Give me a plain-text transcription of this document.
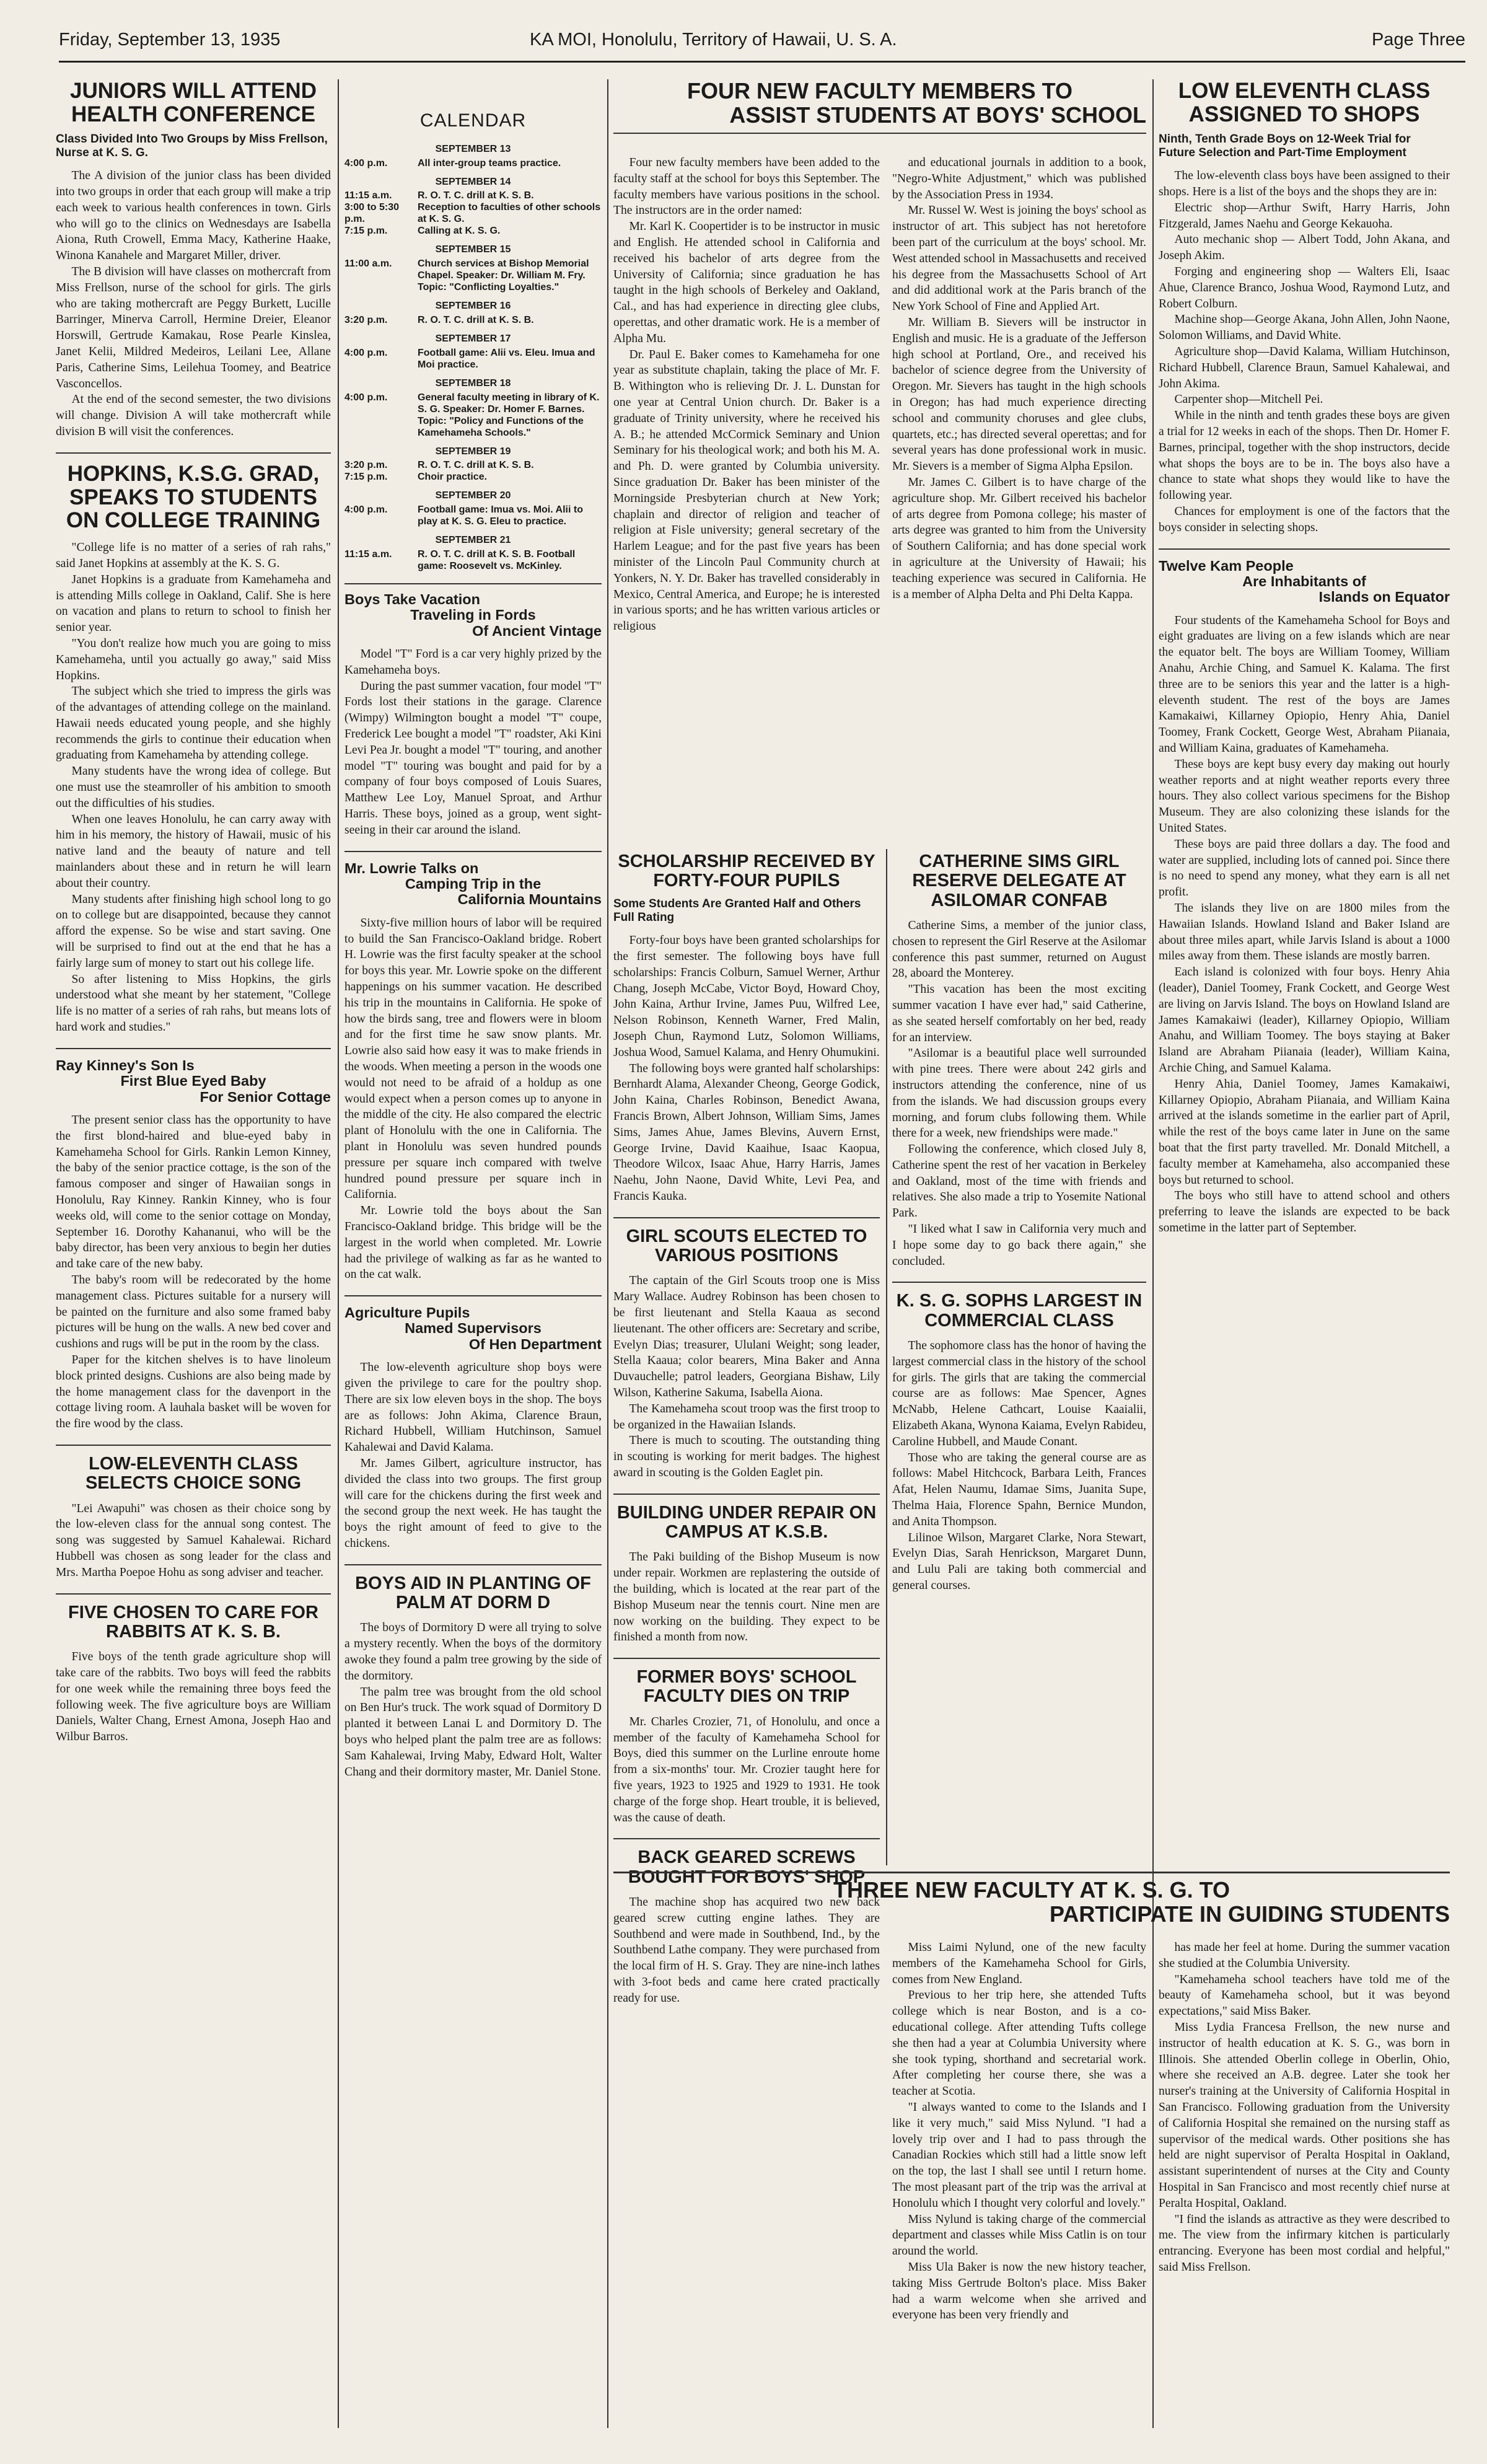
Friday, September 13, 1935	KA MOI, Honolulu, Territory of Hawaii, U. S. A.	Page Three
JUNIORS WILL ATTEND HEALTH CONFERENCE
Class Divided Into Two Groups by Miss Frellson, Nurse at K. S. G.

The A division of the junior class has been divided into two groups in order that each group will make a trip each week to various health conferences in town. Girls who will go to the clinics on Wednesdays are Isabella Aiona, Ruth Crowell, Emma Macy, Katherine Haake, Winona Kanahele and Margaret Miller, driver.

The B division will have classes on mothercraft from Miss Frellson, nurse of the school for girls. The girls who are taking mothercraft are Peggy Burkett, Lucille Barringer, Minerva Carroll, Hermine Dreier, Eleanor Horswill, Gertrude Kamakau, Rose Pearle Kinslea, Janet Kelii, Mildred Medeiros, Leilani Lee, Allane Paris, Catherine Sims, Leilehua Toomey, and Beatrice Vasconcellos.

At the end of the second semester, the two divisions will change. Division A will take mothercraft while division B will visit the conferences.

HOPKINS, K.S.G. GRAD, SPEAKS TO STUDENTS ON COLLEGE TRAINING

"College life is no matter of a series of rah rahs," said Janet Hopkins at assembly at the K. S. G.

Janet Hopkins is a graduate from Kamehameha and is attending Mills college in Oakland, Calif. She is here on vacation and plans to return to school to finish her senior year.

"You don't realize how much you are going to miss Kamehameha, until you actually go away," said Miss Hopkins.

The subject which she tried to impress the girls was of the advantages of attending college on the mainland. Hawaii needs educated young people, and she highly recommends the girls to continue their education when graduating from Kamehameha by attending college.

Many students have the wrong idea of college. But one must use the steamroller of his ambition to smooth out the difficulties of his studies.

When one leaves Honolulu, he can carry away with him in his memory, the history of Hawaii, music of his native land and the beauty of nature and tell mainlanders about these and in return he will learn about their country.

Many students after finishing high school long to go on to college but are disappointed, because they cannot afford the expense. So be wise and start saving. One will be surprised to find out at the end that he has a fairly large sum of money to start out his college life.

So after listening to Miss Hopkins, the girls understood what she meant by her statement, "College life is no matter of a series of rah rahs, but means lots of hard work and studies."

Ray Kinney's Son Is
First Blue Eyed Baby
For Senior Cottage

The present senior class has the opportunity to have the first blond-haired and blue-eyed baby in Kamehameha School for Girls. Rankin Lemon Kinney, the baby of the senior practice cottage, is the son of the famous composer and singer of Hawaiian songs in Honolulu, Ray Kinney. Rankin Kinney, who is four weeks old, will come to the senior cottage on Monday, September 16. Dorothy Kahananui, who will be the baby director, has been very anxious to begin her duties and take care of the new baby.

The baby's room will be redecorated by the home management class. Pictures suitable for a nursery will be painted on the furniture and also some framed baby pictures will be hung on the walls. A new bed cover and cushions and rugs will be put in the room by the class.

Paper for the kitchen shelves is to have linoleum block printed designs. Cushions are also being made by the home management class for the davenport in the cottage living room. A lauhala basket will be woven for the fire wood by the class.

LOW-ELEVENTH CLASS SELECTS CHOICE SONG

"Lei Awapuhi" was chosen as their choice song by the low-eleven class for the annual song contest. The song was suggested by Samuel Kahalewai. Richard Hubbell was chosen as song leader for the class and Mrs. Martha Poepoe Hohu as song adviser and teacher.

FIVE CHOSEN TO CARE FOR RABBITS AT K. S. B.

Five boys of the tenth grade agriculture shop will take care of the rabbits. Two boys will feed the rabbits for one week while the remaining three boys feed the following week. The five agriculture boys are William Daniels, Walter Chang, Ernest Amona, Joseph Hao and Wilbur Barros.

CALENDAR
SEPTEMBER 13
4:00 p.m.	All inter-group teams practice.
SEPTEMBER 14
11:15 a.m.	R. O. T. C. drill at K. S. B.
3:00 to 5:30 p.m.
Reception to faculties of other schools at K. S. G.
7:15 p.m.	Calling at K. S. G.
SEPTEMBER 15
11:00 a.m.	Church services at Bishop Memorial Chapel. Speaker: Dr. William M. Fry. Topic: "Conflicting Loyalties."
SEPTEMBER 16
3:20 p.m.	R. O. T. C. drill at K. S. B.
SEPTEMBER 17
4:00 p.m.	Football game: Alii vs. Eleu. Imua and Moi practice.
SEPTEMBER 18
4:00 p.m.	General faculty meeting in library of K. S. G. Speaker: Dr. Homer F. Barnes. Topic: "Policy and Functions of the Kamehameha Schools."
SEPTEMBER 19
3:20 p.m.	R. O. T. C. drill at K. S. B.
7:15 p.m.	Choir practice.
SEPTEMBER 20
4:00 p.m.	Football game: Imua vs. Moi. Alii to play at K. S. G. Eleu to practice.
SEPTEMBER 21
11:15 a.m.	R. O. T. C. drill at K. S. B. Football game: Roosevelt vs. McKinley.
Boys Take Vacation
Traveling in Fords
Of Ancient Vintage

Model "T" Ford is a car very highly prized by the Kamehameha boys.

During the past summer vacation, four model "T" Fords lost their stations in the garage. Clarence (Wimpy) Wilmington bought a model "T" coupe, Frederick Lee bought a model "T" roadster, Aki Kini Levi Pea Jr. bought a model "T" touring, and another model "T" touring was bought and paid for by a company of four boys composed of Louis Suares, Matthew Lee Loy, Manuel Sproat, and Arthur Harris. These boys, joined as a group, went sight-seeing in their car around the island.

Mr. Lowrie Talks on
Camping Trip in the
California Mountains

Sixty-five million hours of labor will be required to build the San Francisco-Oakland bridge. Robert H. Lowrie was the first faculty speaker at the school for boys this year. Mr. Lowrie spoke on the different happenings on his summer vacation. He described his trip in the mountains in California. He spoke of how the birds sang, tree and flowers were in bloom and for the first time he saw snow plants. Mr. Lowrie also said how easy it was to make friends in the woods. When meeting a person in the woods one would not need to be afraid of a holdup as one would expect when a person comes up to anyone in the middle of the city. He also compared the electric plant of Honolulu with the one in California. The plant in Honolulu was seven hundred pounds pressure per square inch compared with twelve hundred pound pressure per square inch in California.

Mr. Lowrie told the boys about the San Francisco-Oakland bridge. This bridge will be the largest in the world when completed. Mr. Lowrie had the privilege of walking as far as he wanted to on the cat walk.

Agriculture Pupils
Named Supervisors
Of Hen Department

The low-eleventh agriculture shop boys were given the privilege to care for the poultry shop. There are six low eleven boys in the shop. The boys are as follows: John Akima, Clarence Braun, Richard Hubbell, William Hutchinson, Samuel Kahalewai and David Kalama.

Mr. James Gilbert, agriculture instructor, has divided the class into two groups. The first group will care for the chickens during the first week and the second group the next week. He has taught the boys the right amount of feed to give to the chickens.

BOYS AID IN PLANTING OF PALM AT DORM D

The boys of Dormitory D were all trying to solve a mystery recently. When the boys of the dormitory awoke they found a palm tree growing by the side of the dormitory.

The palm tree was brought from the old school on Ben Hur's truck. The work squad of Dormitory D planted it between Lanai L and Dormitory D. The boys who helped plant the palm tree are as follows: Sam Kahalewai, Irving Maby, Edward Holt, Walter Chang and their dormitory master, Mr. Daniel Stone.

FOUR NEW FACULTY MEMBERS TO
ASSIST STUDENTS AT BOYS' SCHOOL

Four new faculty members have been added to the faculty staff at the school for boys this September. The faculty members have various positions in the school. The instructors are in the order named:

Mr. Karl K. Coopertider is to be instructor in music and English. He attended school in California and received his bachelor of arts degree from the University of California; since graduation he has taught in the high schools of Berkeley and Oakland, Cal., and has had experience in directing glee clubs, operettas, and other dramatic work. He is a member of Alpha Mu.

Dr. Paul E. Baker comes to Kamehameha for one year as substitute chaplain, taking the place of Mr. F. B. Withington who is relieving Dr. J. L. Dunstan for one year at Central Union church. Dr. Baker is a graduate of Trinity university, where he received his A. B.; he attended McCormick Seminary and Union Seminary for his theological work; and both his M. A. and Ph. D. were granted by Columbia university. Since graduation Dr. Baker has been minister of the Morningside Presbyterian church at New York; chaplain and director of religion and teacher of religion at Fisle university; general secretary of the Harlem League; and for the past five years has been minister of the Lincoln Paul Community church at Yonkers, N. Y. Dr. Baker has travelled considerably in Mexico, Central America, and Europe; he is interested in various sports; and he has written various articles or religious

and educational journals in addition to a book, "Negro-White Adjustment," which was published by the Association Press in 1934.

Mr. Russel W. West is joining the boys' school as instructor of art. This subject has not heretofore been part of the curriculum at the boys' school. Mr. West attended school in Massachusetts and received his degree from the Massachusetts School of Art and did additional work at the Paris branch of the New York School of Fine and Applied Art.

Mr. William B. Sievers will be instructor in English and music. He is a graduate of the Jefferson high school at Portland, Ore., and received his bachelor of science degree from the University of Oregon. Mr. Sievers has taught in the high schools in Oregon; has had much experience directing school and community choruses and glee clubs, quartets, etc.; has directed several operettas; and for several years has done professional work in music. Mr. Sievers is a member of Sigma Alpha Epsilon.

Mr. James C. Gilbert is to have charge of the agriculture shop. Mr. Gilbert received his bachelor of arts degree from Pomona college; his master of arts degree was granted to him from the University of Southern California; and has done special work in agriculture at the University of Hawaii; his teaching experience was secured in California. He is a member of Alpha Delta and Phi Delta Kappa.

SCHOLARSHIP RECEIVED BY FORTY-FOUR PUPILS
Some Students Are Granted Half and Others Full Rating

Forty-four boys have been granted scholarships for the first semester. The following boys have full scholarships: Francis Colburn, Samuel Werner, Arthur Chang, Joseph McCabe, Victor Boyd, Howard Choy, John Kaina, Arthur Irvine, James Puu, Wilfred Lee, Nelson Robinson, Kenneth Warner, Fred Malin, Joseph Chun, Raymond Lutz, Solomon Williams, Joshua Wood, Samuel Kalama, and Henry Ohumukini.

The following boys were granted half scholarships: Bernhardt Alama, Alexander Cheong, George Godick, John Kaina, Charles Robinson, Benedict Awana, Francis Brown, Albert Johnson, William Sims, James Sims, James Ahue, James Blevins, Auvern Ernst, George Irvine, David Kaaihue, Isaac Kaopua, Theodore Wilcox, Isaac Ahue, Harry Harris, James Naehu, John Naone, David White, Levi Pea, and Francis Kauka.

GIRL SCOUTS ELECTED TO VARIOUS POSITIONS

The captain of the Girl Scouts troop one is Miss Mary Wallace. Audrey Robinson has been chosen to be first lieutenant and Stella Kaaua as second lieutenant. The other officers are: Secretary and scribe, Evelyn Dias; treasurer, Ululani Weight; song leader, Stella Kaaua; color bearers, Mina Baker and Anna Duvauchelle; patrol leaders, Georgiana Bishaw, Lily Wilson, Katherine Sakuma, Isabella Aiona.

The Kamehameha scout troop was the first troop to be organized in the Hawaiian Islands.

There is much to scouting. The outstanding thing in scouting is working for merit badges. The highest award in scouting is the Golden Eaglet pin.

BUILDING UNDER REPAIR ON CAMPUS AT K.S.B.

The Paki building of the Bishop Museum is now under repair. Workmen are replastering the outside of the building, which is located at the rear part of the Bishop Museum near the tennis court. Nine men are now working on the building. They expect to be finished a month from now.

FORMER BOYS' SCHOOL FACULTY DIES ON TRIP

Mr. Charles Crozier, 71, of Honolulu, and once a member of the faculty of Kamehameha School for Boys, died this summer on the Lurline enroute home from a six-months' tour. Mr. Crozier taught here for five years, 1923 to 1925 and 1929 to 1931. He took charge of the forge shop. Heart trouble, it is believed, was the cause of death.

BACK GEARED SCREWS BOUGHT FOR BOYS' SHOP

The machine shop has acquired two new back geared screw cutting engine lathes. They are Southbend and were made in Southbend, Ind., by the Southbend Lathe company. They were purchased from the local firm of H. S. Gray. They are nine-inch lathes with 3-foot beds and came here crated practically ready for use.

CATHERINE SIMS GIRL RESERVE DELEGATE AT ASILOMAR CONFAB

Catherine Sims, a member of the junior class, chosen to represent the Girl Reserve at the Asilomar conference this past summer, returned on August 28, aboard the Monterey.

"This vacation has been the most exciting summer vacation I have ever had," said Catherine, as she seated herself comfortably on her bed, ready for an interview.

"Asilomar is a beautiful place well surrounded with pine trees. There were about 242 girls and instructors attending the conference, nine of us from the islands. We had discussion groups every morning, and forum clubs following them. While there for a week, new friendships were made."

Following the conference, which closed July 8, Catherine spent the rest of her vacation in Berkeley and Oakland, most of the time with friends and relatives. She also made a trip to Yosemite National Park.

"I liked what I saw in California very much and I hope some day to go back there again," she concluded.

K. S. G. SOPHS LARGEST IN COMMERCIAL CLASS

The sophomore class has the honor of having the largest commercial class in the history of the school for girls. The girls that are taking the commercial course are as follows: Mae Spencer, Agnes McNabb, Helene Cathcart, Louise Kaaialii, Elizabeth Akana, Wynona Kaiama, Evelyn Rabideu, Caroline Hubbell, and Maude Conant.

Those who are taking the general course are as follows: Mabel Hitchcock, Barbara Leith, Frances Afat, Helen Naumu, Idamae Sims, Juanita Supe, Thelma Haia, Florence Spahn, Bernice Mundon, and Anita Thompson.

Lilinoe Wilson, Margaret Clarke, Nora Stewart, Evelyn Dias, Sarah Henrickson, Margaret Dunn, and Lulu Pali are taking both commercial and general courses.

LOW ELEVENTH CLASS ASSIGNED TO SHOPS
Ninth, Tenth Grade Boys on 12-Week Trial for Future Selection and Part-Time Employment

The low-eleventh class boys have been assigned to their shops. Here is a list of the boys and the shops they are in:

Electric shop—Arthur Swift, Harry Harris, John Fitzgerald, James Naehu and George Kekauoha.

Auto mechanic shop — Albert Todd, John Akana, and Joseph Akim.

Forging and engineering shop — Walters Eli, Isaac Ahue, Clarence Branco, Joshua Wood, Raymond Lutz, and Robert Colburn.

Machine shop—George Akana, John Allen, John Naone, Solomon Williams, and David White.

Agriculture shop—David Kalama, William Hutchinson, Richard Hubbell, Clarence Braun, Samuel Kahalewai, and John Akima.

Carpenter shop—Mitchell Pei.

While in the ninth and tenth grades these boys are given a trial for 12 weeks in each of the shops. Then Dr. Homer F. Barnes, principal, together with the shop instructors, decide what shops the boys are to be in. The boys also have a chance to state what shops they would like to have the following year.

Chances for employment is one of the factors that the boys consider in selecting shops.

Twelve Kam People
Are Inhabitants of
Islands on Equator

Four students of the Kamehameha School for Boys and eight graduates are living on a few islands which are near the equator belt. The boys are William Toomey, William Anahu, Archie Ching, and Samuel K. Kalama. The first three are to be seniors this year and the latter is a high-eleventh student. The rest of the boys are James Kamakaiwi, Killarney Opiopio, Henry Ahia, Daniel Toomey, Frank Cockett, George West, Abraham Piianaia, and William Kaina, graduates of Kamehameha.

These boys are kept busy every day making out hourly weather reports and at night weather reports every three hours. They also collect various specimens for the Bishop Museum. They are also colonizing these islands for the United States.

These boys are paid three dollars a day. The food and water are supplied, including lots of canned poi. Since there is no need to spend any money, what they earn is all net profit.

The islands they live on are 1800 miles from the Hawaiian Islands. Howland Island and Baker Island are about three miles apart, while Jarvis Island is about a 1000 miles away from them. These islands are mostly barren.

Each island is colonized with four boys. Henry Ahia (leader), Daniel Toomey, Frank Cockett, and George West are living on Jarvis Island. The boys on Howland Island are James Kamakaiwi (leader), Killarney Opiopio, William Anahu, and William Toomey. The boys staying at Baker Island are Abraham Piianaia (leader), William Kaina, Archie Ching, and Samuel Kalama.

Henry Ahia, Daniel Toomey, James Kamakaiwi, Killarney Opiopio, Abraham Piianaia, and William Kaina arrived at the islands sometime in the earlier part of April, while the rest of the boys came later in June on the same boat that the first party travelled. Mr. Donald Mitchell, a faculty member at Kamehameha, also accompanied these boys but returned to school.

The boys who still have to attend school and others preferring to leave the islands are expected to be back sometime in the latter part of September.

THREE NEW FACULTY AT K. S. G. TO
PARTICIPATE IN GUIDING STUDENTS

Miss Laimi Nylund, one of the new faculty members of the Kamehameha School for Girls, comes from New England.

Previous to her trip here, she attended Tufts college which is near Boston, and is a co-educational college. After attending Tufts college she then had a year at Columbia University where she took typing, shorthand and secretarial work. After completing her course there, she was a teacher at Scotia.

"I always wanted to come to the Islands and I like it very much," said Miss Nylund. "I had a lovely trip over and I had to pass through the Canadian Rockies which still had a little snow left on the top, the last I shall see until I return home. The most pleasant part of the trip was the arrival at Honolulu which I thought very colorful and lovely."

Miss Nylund is taking charge of the commercial department and classes while Miss Catlin is on tour around the world.

Miss Ula Baker is now the new history teacher, taking Miss Gertrude Bolton's place. Miss Baker had a warm welcome when she arrived and everyone has been very friendly and

has made her feel at home. During the summer vacation she studied at the Columbia University.

"Kamehameha school teachers have told me of the beauty of Kamehameha school, but it was beyond expectations," said Miss Baker.

Miss Lydia Francesa Frellson, the new nurse and instructor of health education at K. S. G., was born in Illinois. She attended Oberlin college in Oberlin, Ohio, where she received an A.B. degree. Later she took her nurser's training at the University of California Hospital in San Francisco. Following graduation from the University of California Hospital she remained on the nursing staff as supervisor of the medical wards. Other positions she has held are night supervisor of Peralta Hospital in Oakland, assistant superintendent of nurses at the City and County Hospital in San Francisco and most recently chief nurse at Peralta Hospital, Oakland.

"I find the islands as attractive as they were described to me. The view from the infirmary kitchen is particularly entrancing. Everyone has been most cordial and helpful," said Miss Frellson.
